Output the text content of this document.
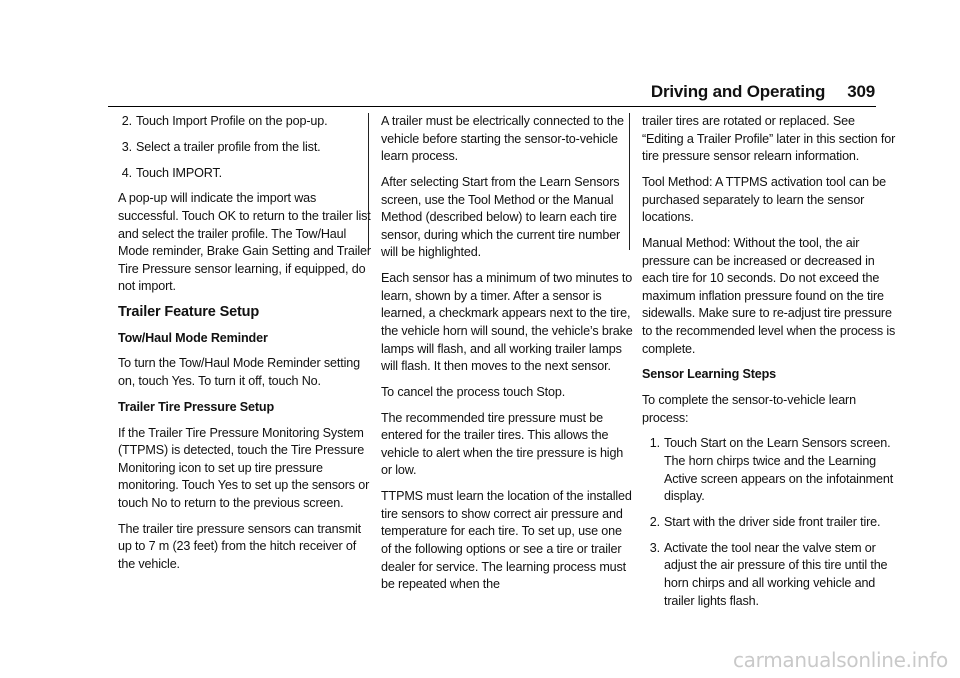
Driving and Operating 309
2. Touch Import Profile on the pop-up.
3. Select a trailer profile from the list.
4. Touch IMPORT.

A pop-up will indicate the import was successful. Touch OK to return to the trailer list and select the trailer profile. The Tow/Haul Mode reminder, Brake Gain Setting and Trailer Tire Pressure sensor learning, if equipped, do not import.

Trailer Feature Setup
Tow/Haul Mode Reminder

To turn the Tow/Haul Mode Reminder setting on, touch Yes. To turn it off, touch No.

Trailer Tire Pressure Setup

If the Trailer Tire Pressure Monitoring System (TTPMS) is detected, touch the Tire Pressure Monitoring icon to set up tire pressure monitoring. Touch Yes to set up the sensors or touch No to return to the previous screen.

The trailer tire pressure sensors can transmit up to 7 m (23 feet) from the hitch receiver of the vehicle.

A trailer must be electrically connected to the vehicle before starting the sensor-to-vehicle learn process.

After selecting Start from the Learn Sensors screen, use the Tool Method or the Manual Method (described below) to learn each tire sensor, during which the current tire number will be highlighted.

Each sensor has a minimum of two minutes to learn, shown by a timer. After a sensor is learned, a checkmark appears next to the tire, the vehicle horn will sound, the vehicle’s brake lamps will flash, and all working trailer lamps will flash. It then moves to the next sensor.

To cancel the process touch Stop.

The recommended tire pressure must be entered for the trailer tires. This allows the vehicle to alert when the tire pressure is high or low.

TTPMS must learn the location of the installed tire sensors to show correct air pressure and temperature for each tire. To set up, use one of the following options or see a tire or trailer dealer for service. The learning process must be repeated when the

trailer tires are rotated or replaced. See “Editing a Trailer Profile” later in this section for tire pressure sensor relearn information.

Tool Method: A TTPMS activation tool can be purchased separately to learn the sensor locations.

Manual Method: Without the tool, the air pressure can be increased or decreased in each tire for 10 seconds. Do not exceed the maximum inflation pressure found on the tire sidewalls. Make sure to re-adjust tire pressure to the recommended level when the process is complete.

Sensor Learning Steps

To complete the sensor-to-vehicle learn process:

1. Touch Start on the Learn Sensors screen. The horn chirps twice and the Learning Active screen appears on the infotainment display.
2. Start with the driver side front trailer tire.
3. Activate the tool near the valve stem or adjust the air pressure of this tire until the horn chirps and all working vehicle and trailer lights flash.
carmanualsonline.info
